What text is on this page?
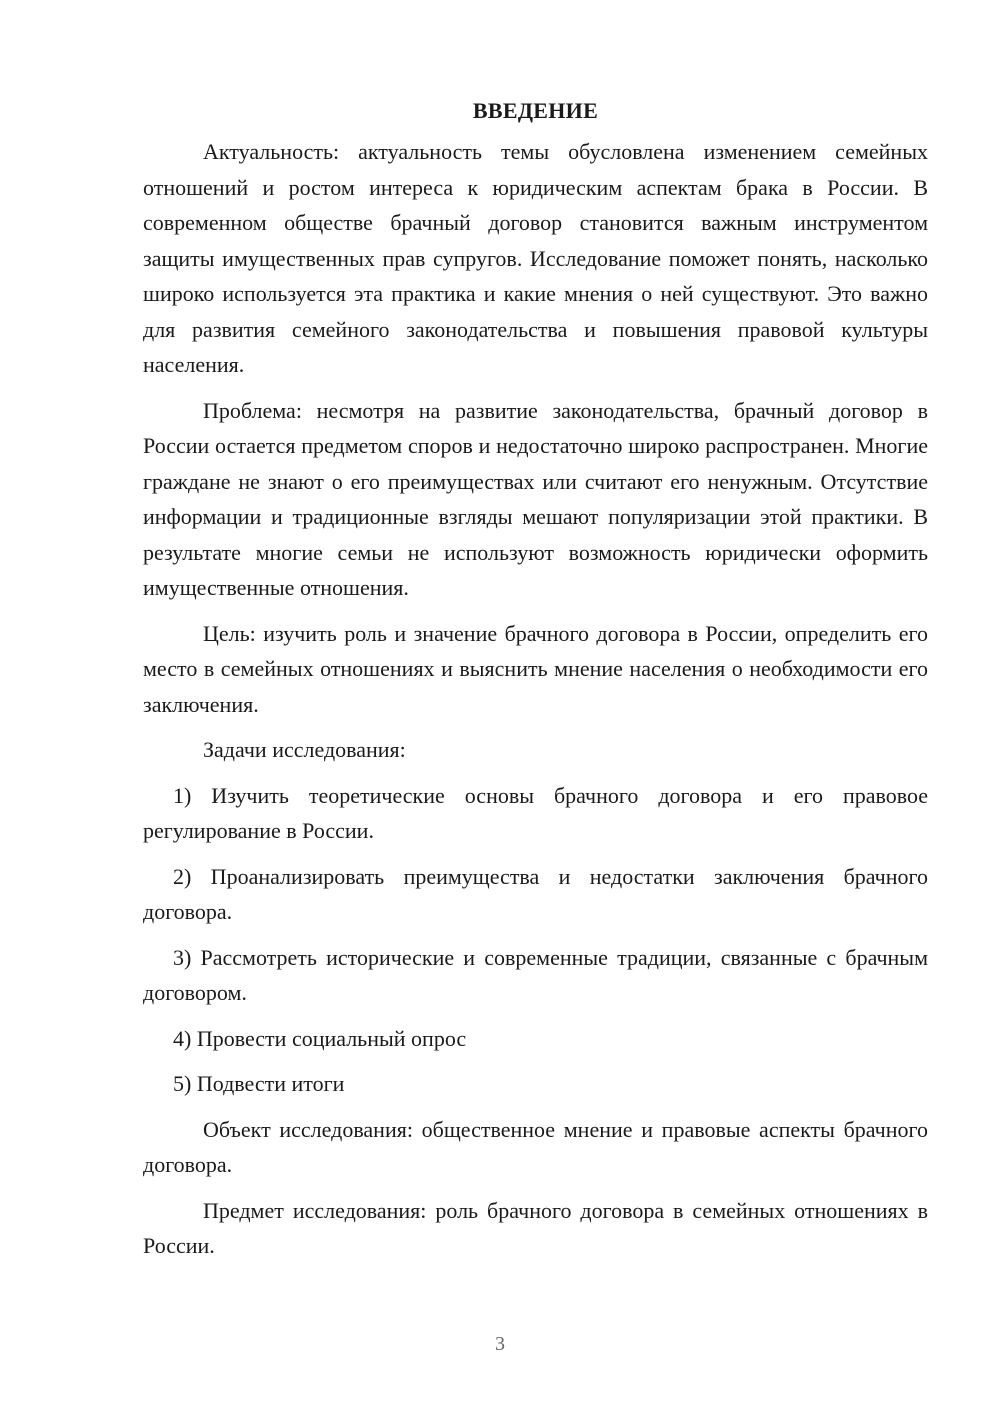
ВВЕДЕНИЕ

Актуальность: актуальность темы обусловлена изменением семейных отношений и ростом интереса к юридическим аспектам брака в России. В современном обществе брачный договор становится важным инструментом защиты имущественных прав супругов. Исследование поможет понять, насколько широко используется эта практика и какие мнения о ней существуют. Это важно для развития семейного законодательства и повышения правовой культуры населения.

Проблема: несмотря на развитие законодательства, брачный договор в России остается предметом споров и недостаточно широко распространен. Многие граждане не знают о его преимуществах или считают его ненужным. Отсутствие информации и традиционные взгляды мешают популяризации этой практики. В результате многие семьи не используют возможность юридически оформить имущественные отношения.

Цель: изучить роль и значение брачного договора в России, определить его место в семейных отношениях и выяснить мнение населения о необходимости его заключения.

Задачи исследования:

1) Изучить теоретические основы брачного договора и его правовое регулирование в России.

2) Проанализировать преимущества и недостатки заключения брачного договора.

3) Рассмотреть исторические и современные традиции, связанные с брачным договором.

4) Провести социальный опрос

5) Подвести итоги

Объект исследования: общественное мнение и правовые аспекты брачного договора.

Предмет исследования: роль брачного договора в семейных отношениях в России.

3
